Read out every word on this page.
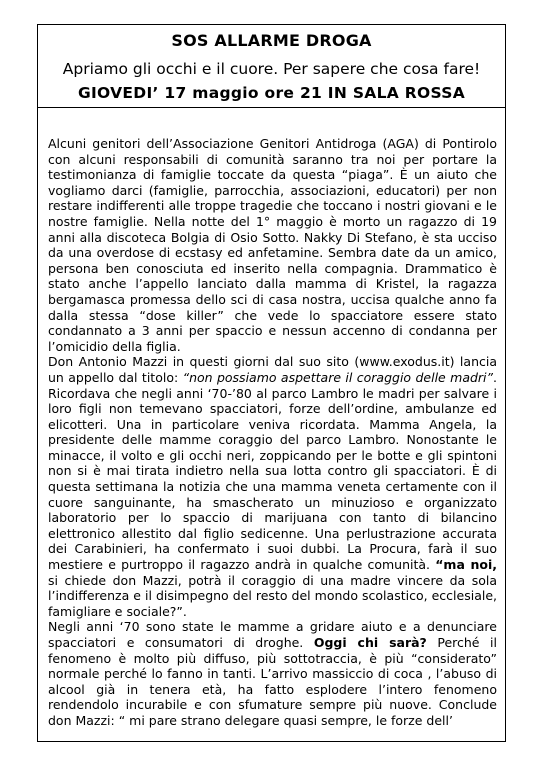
SOS ALLARME DROGA
Apriamo gli occhi e il cuore. Per sapere che cosa fare!
GIOVEDI’ 17 maggio ore 21 IN SALA ROSSA

Alcuni genitori dell’Associazione Genitori Antidroga (AGA) di Pontirolo con alcuni responsabili di comunità saranno tra noi per portare la testimonianza di famiglie toccate da questa “piaga”. È un aiuto che vogliamo darci (famiglie, parrocchia, associazioni, educatori) per non restare indifferenti alle troppe tragedie che toccano i nostri giovani e le nostre famiglie. Nella notte del 1° maggio è morto un ragazzo di 19 anni alla discoteca Bolgia di Osio Sotto. Nakky Di Stefano, è sta ucciso da una overdose di ecstasy ed anfetamine. Sembra date da un amico, persona ben conosciuta ed inserito nella compagnia. Drammatico è stato anche l’appello lanciato dalla mamma di Kristel, la ragazza bergamasca promessa dello sci di casa nostra, uccisa qualche anno fa dalla stessa “dose killer” che vede lo spacciatore essere stato condannato a 3 anni per spaccio e nessun accenno di condanna per l’omicidio della figlia.

Don Antonio Mazzi in questi giorni dal suo sito (www.exodus.it) lancia un appello dal titolo: “non possiamo aspettare il coraggio delle madri”. Ricordava che negli anni ‘70-’80 al parco Lambro le madri per salvare i loro figli non temevano spacciatori, forze dell’ordine, ambulanze ed elicotteri. Una in particolare veniva ricordata. Mamma Angela, la presidente delle mamme coraggio del parco Lambro. Nonostante le minacce, il volto e gli occhi neri, zoppicando per le botte e gli spintoni non si è mai tirata indietro nella sua lotta contro gli spacciatori. È di questa settimana la notizia che una mamma veneta certamente con il cuore sanguinante, ha smascherato un minuzioso e organizzato laboratorio per lo spaccio di marijuana con tanto di bilancino elettronico allestito dal figlio sedicenne. Una perlustrazione accurata dei Carabinieri, ha confermato i suoi dubbi. La Procura, farà il suo mestiere e purtroppo il ragazzo andrà in qualche comunità. “ma noi, si chiede don Mazzi, potrà il coraggio di una madre vincere da sola l’indifferenza e il disimpegno del resto del mondo scolastico, ecclesiale, famigliare e sociale?”.

Negli anni ‘70 sono state le mamme a gridare aiuto e a denunciare spacciatori e consumatori di droghe. Oggi chi sarà? Perché il fenomeno è molto più diffuso, più sottotraccia, è più “considerato” normale perché lo fanno in tanti. L’arrivo massiccio di coca , l’abuso di alcool già in tenera età, ha fatto esplodere l’intero fenomeno rendendolo incurabile e con sfumature sempre più nuove. Conclude don Mazzi: “ mi pare strano delegare quasi sempre, le forze dell’
